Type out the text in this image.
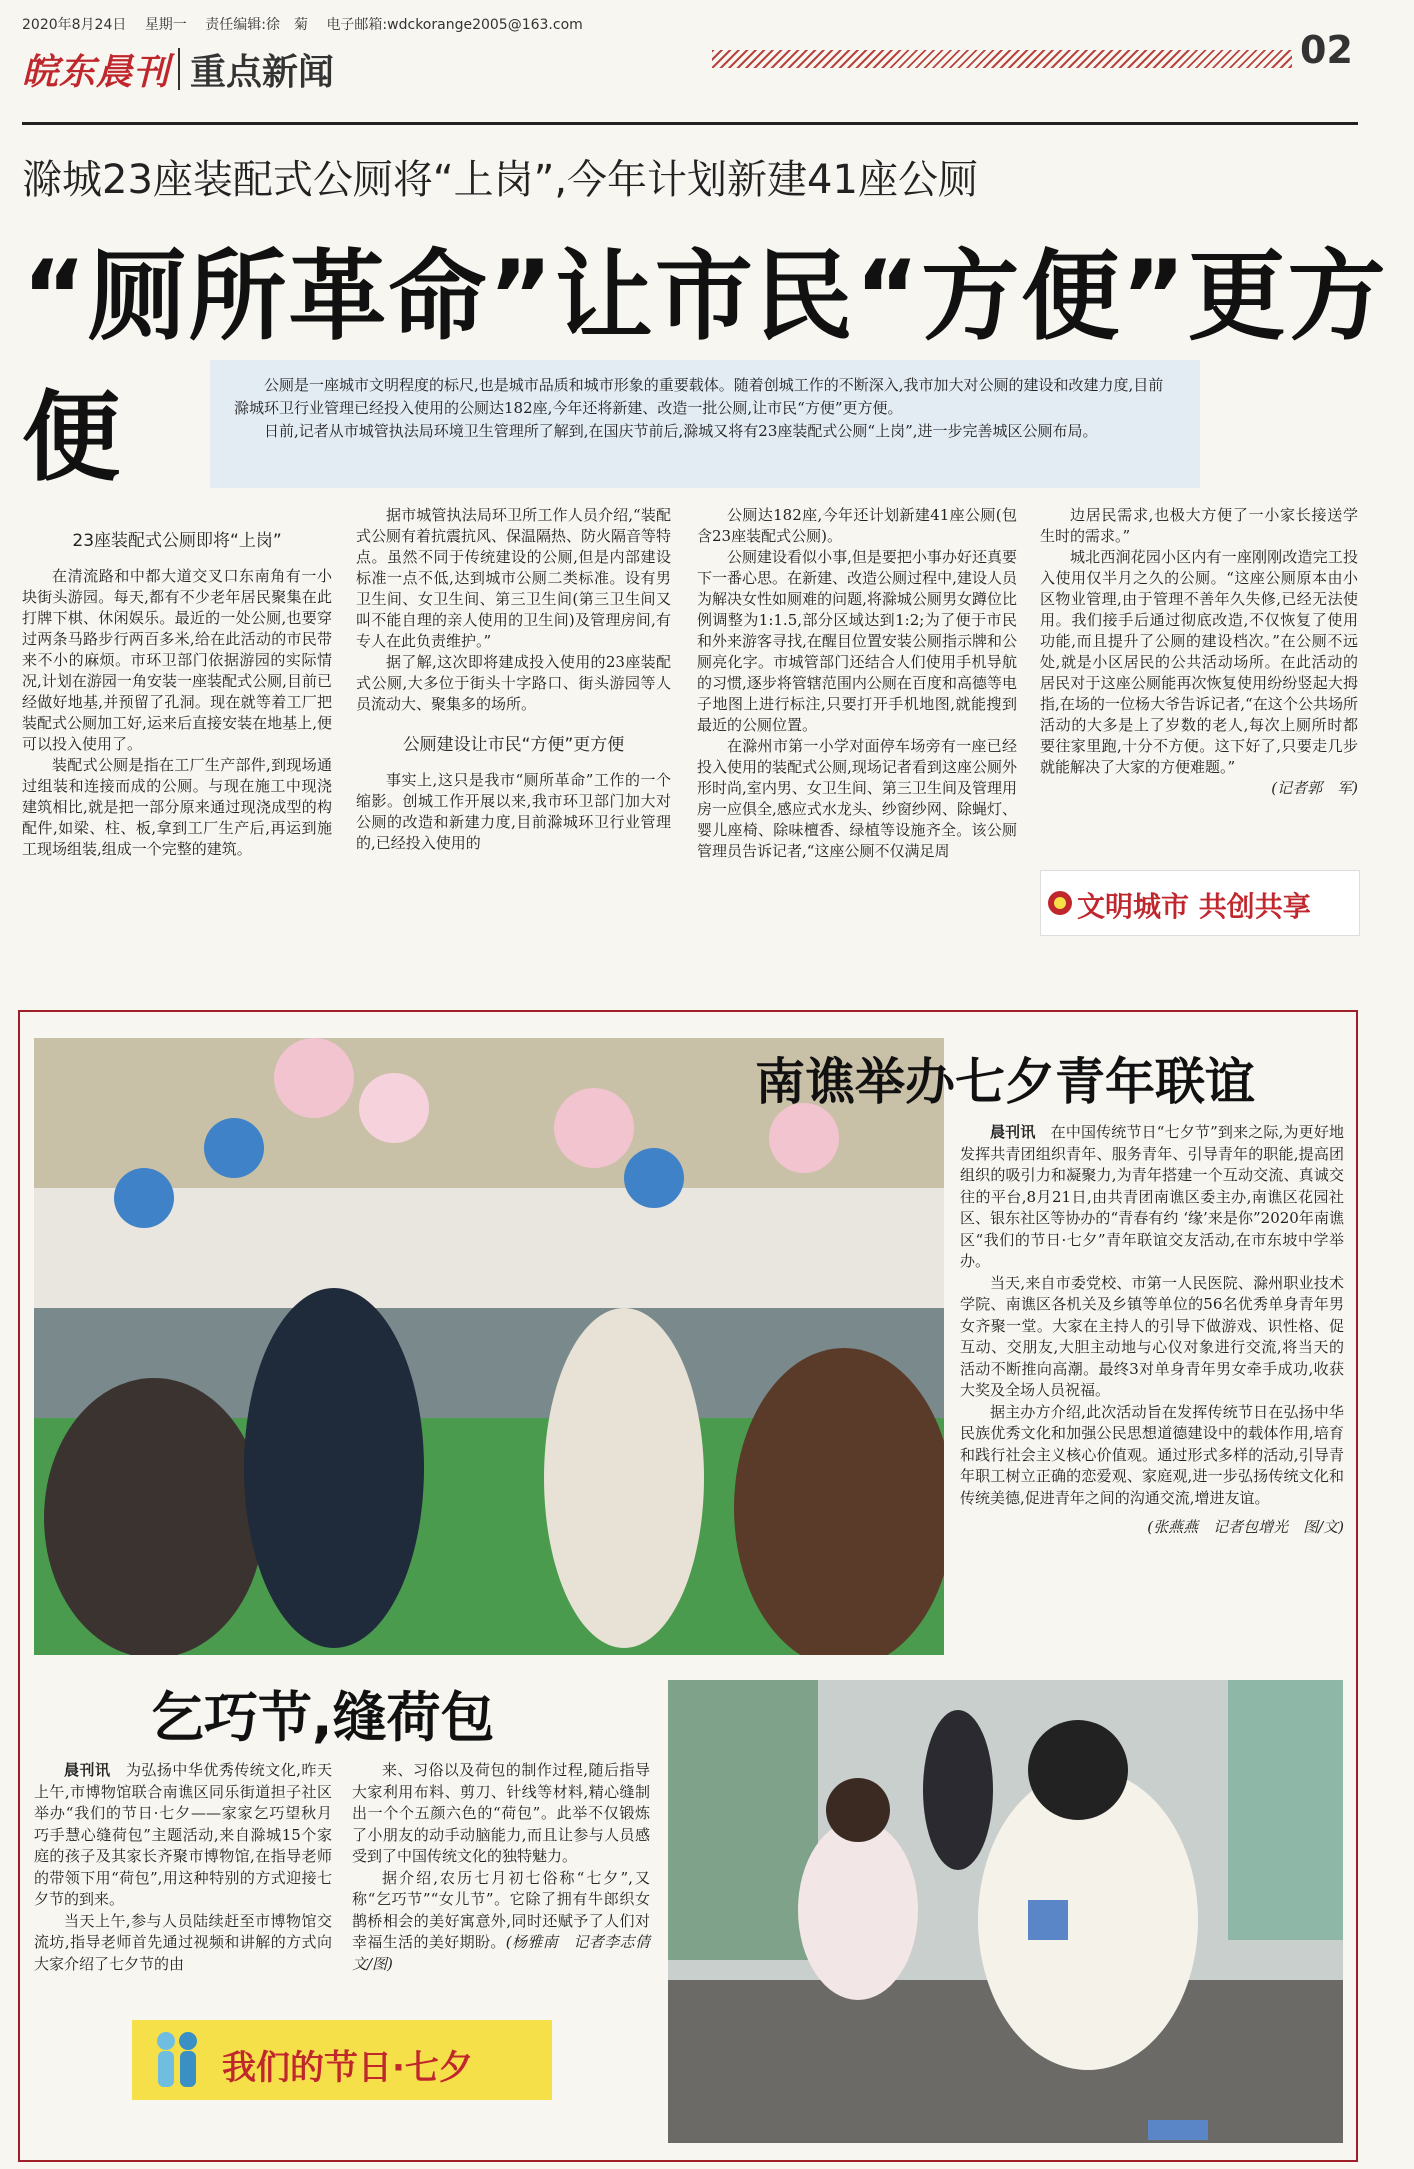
2020年8月24日 星期一 责任编辑:徐　菊 电子邮箱:wdckorange2005@163.com
皖东晨刊 重点新闻
02
滁城23座装配式公厕将“上岗”,今年计划新建41座公厕
“厕所革命”让市民“方便”更方便	公厕是一座城市文明程度的标尺,也是城市品质和城市形象的重要载体。随着创城工作的不断深入,我市加大对公厕的建设和改建力度,目前滁城环卫行业管理已经投入使用的公厕达182座,今年还将新建、改造一批公厕,让市民“方便”更方便。

日前,记者从市城管执法局环境卫生管理所了解到,在国庆节前后,滁城又将有23座装配式公厕“上岗”,进一步完善城区公厕布局。

23座装配式公厕即将“上岗”

在清流路和中都大道交叉口东南角有一小块街头游园。每天,都有不少老年居民聚集在此打牌下棋、休闲娱乐。最近的一处公厕,也要穿过两条马路步行两百多米,给在此活动的市民带来不小的麻烦。市环卫部门依据游园的实际情况,计划在游园一角安装一座装配式公厕,目前已经做好地基,并预留了孔洞。现在就等着工厂把装配式公厕加工好,运来后直接安装在地基上,便可以投入使用了。

装配式公厕是指在工厂生产部件,到现场通过组装和连接而成的公厕。与现在施工中现浇建筑相比,就是把一部分原来通过现浇成型的构配件,如梁、柱、板,拿到工厂生产后,再运到施工现场组装,组成一个完整的建筑。

据市城管执法局环卫所工作人员介绍,“装配式公厕有着抗震抗风、保温隔热、防火隔音等特点。虽然不同于传统建设的公厕,但是内部建设标准一点不低,达到城市公厕二类标准。设有男卫生间、女卫生间、第三卫生间(第三卫生间又叫不能自理的亲人使用的卫生间)及管理房间,有专人在此负责维护。”

据了解,这次即将建成投入使用的23座装配式公厕,大多位于街头十字路口、街头游园等人员流动大、聚集多的场所。

公厕建设让市民“方便”更方便

事实上,这只是我市“厕所革命”工作的一个缩影。创城工作开展以来,我市环卫部门加大对公厕的改造和新建力度,目前滁城环卫行业管理的,已经投入使用的

公厕达182座,今年还计划新建41座公厕(包含23座装配式公厕)。

公厕建设看似小事,但是要把小事办好还真要下一番心思。在新建、改造公厕过程中,建设人员为解决女性如厕难的问题,将滁城公厕男女蹲位比例调整为1:1.5,部分区域达到1:2;为了便于市民和外来游客寻找,在醒目位置安装公厕指示牌和公厕亮化字。市城管部门还结合人们使用手机导航的习惯,逐步将管辖范围内公厕在百度和高德等电子地图上进行标注,只要打开手机地图,就能搜到最近的公厕位置。

在滁州市第一小学对面停车场旁有一座已经投入使用的装配式公厕,现场记者看到这座公厕外形时尚,室内男、女卫生间、第三卫生间及管理用房一应俱全,感应式水龙头、纱窗纱网、除蝇灯、婴儿座椅、除味檀香、绿植等设施齐全。该公厕管理员告诉记者,“这座公厕不仅满足周

边居民需求,也极大方便了一小家长接送学生时的需求。”

城北西涧花园小区内有一座刚刚改造完工投入使用仅半月之久的公厕。“这座公厕原本由小区物业管理,由于管理不善年久失修,已经无法使用。我们接手后通过彻底改造,不仅恢复了使用功能,而且提升了公厕的建设档次。”在公厕不远处,就是小区居民的公共活动场所。在此活动的居民对于这座公厕能再次恢复使用纷纷竖起大拇指,在场的一位杨大爷告诉记者,“在这个公共场所活动的大多是上了岁数的老人,每次上厕所时都要往家里跑,十分不方便。这下好了,只要走几步就能解决了大家的方便难题。”

(记者郭　军)
文明城市 共创共享
南谯举办七夕青年联谊

晨刊讯　 在中国传统节日“七夕节”到来之际,为更好地发挥共青团组织青年、服务青年、引导青年的职能,提高团组织的吸引力和凝聚力,为青年搭建一个互动交流、真诚交往的平台,8月21日,由共青团南谯区委主办,南谯区花园社区、银东社区等协办的“青春有约 ‘缘’来是你”2020年南谯区“我们的节日·七夕”青年联谊交友活动,在市东坡中学举办。

当天,来自市委党校、市第一人民医院、滁州职业技术学院、南谯区各机关及乡镇等单位的56名优秀单身青年男女齐聚一堂。大家在主持人的引导下做游戏、识性格、促互动、交朋友,大胆主动地与心仪对象进行交流,将当天的活动不断推向高潮。最终3对单身青年男女牵手成功,收获大奖及全场人员祝福。

据主办方介绍,此次活动旨在发挥传统节日在弘扬中华民族优秀文化和加强公民思想道德建设中的载体作用,培育和践行社会主义核心价值观。通过形式多样的活动,引导青年职工树立正确的恋爱观、家庭观,进一步弘扬传统文化和传统美德,促进青年之间的沟通交流,增进友谊。

(张燕燕　记者包增光　图/文)
乞巧节,缝荷包

晨刊讯　 为弘扬中华优秀传统文化,昨天上午,市博物馆联合南谯区同乐街道担子社区举办“我们的节日·七夕——家家乞巧望秋月　巧手慧心缝荷包”主题活动,来自滁城15个家庭的孩子及其家长齐聚市博物馆,在指导老师的带领下用“荷包”,用这种特别的方式迎接七夕节的到来。

当天上午,参与人员陆续赶至市博物馆交流坊,指导老师首先通过视频和讲解的方式向大家介绍了七夕节的由

来、习俗以及荷包的制作过程,随后指导大家利用布料、剪刀、针线等材料,精心缝制出一个个五颜六色的“荷包”。此举不仅锻炼了小朋友的动手动脑能力,而且让参与人员感受到了中国传统文化的独特魅力。

据介绍,农历七月初七俗称“七夕”,又称“乞巧节”“女儿节”。它除了拥有牛郎织女鹊桥相会的美好寓意外,同时还赋予了人们对幸福生活的美好期盼。(杨雅南　记者李志倩　文/图)

我们的节日·七夕
